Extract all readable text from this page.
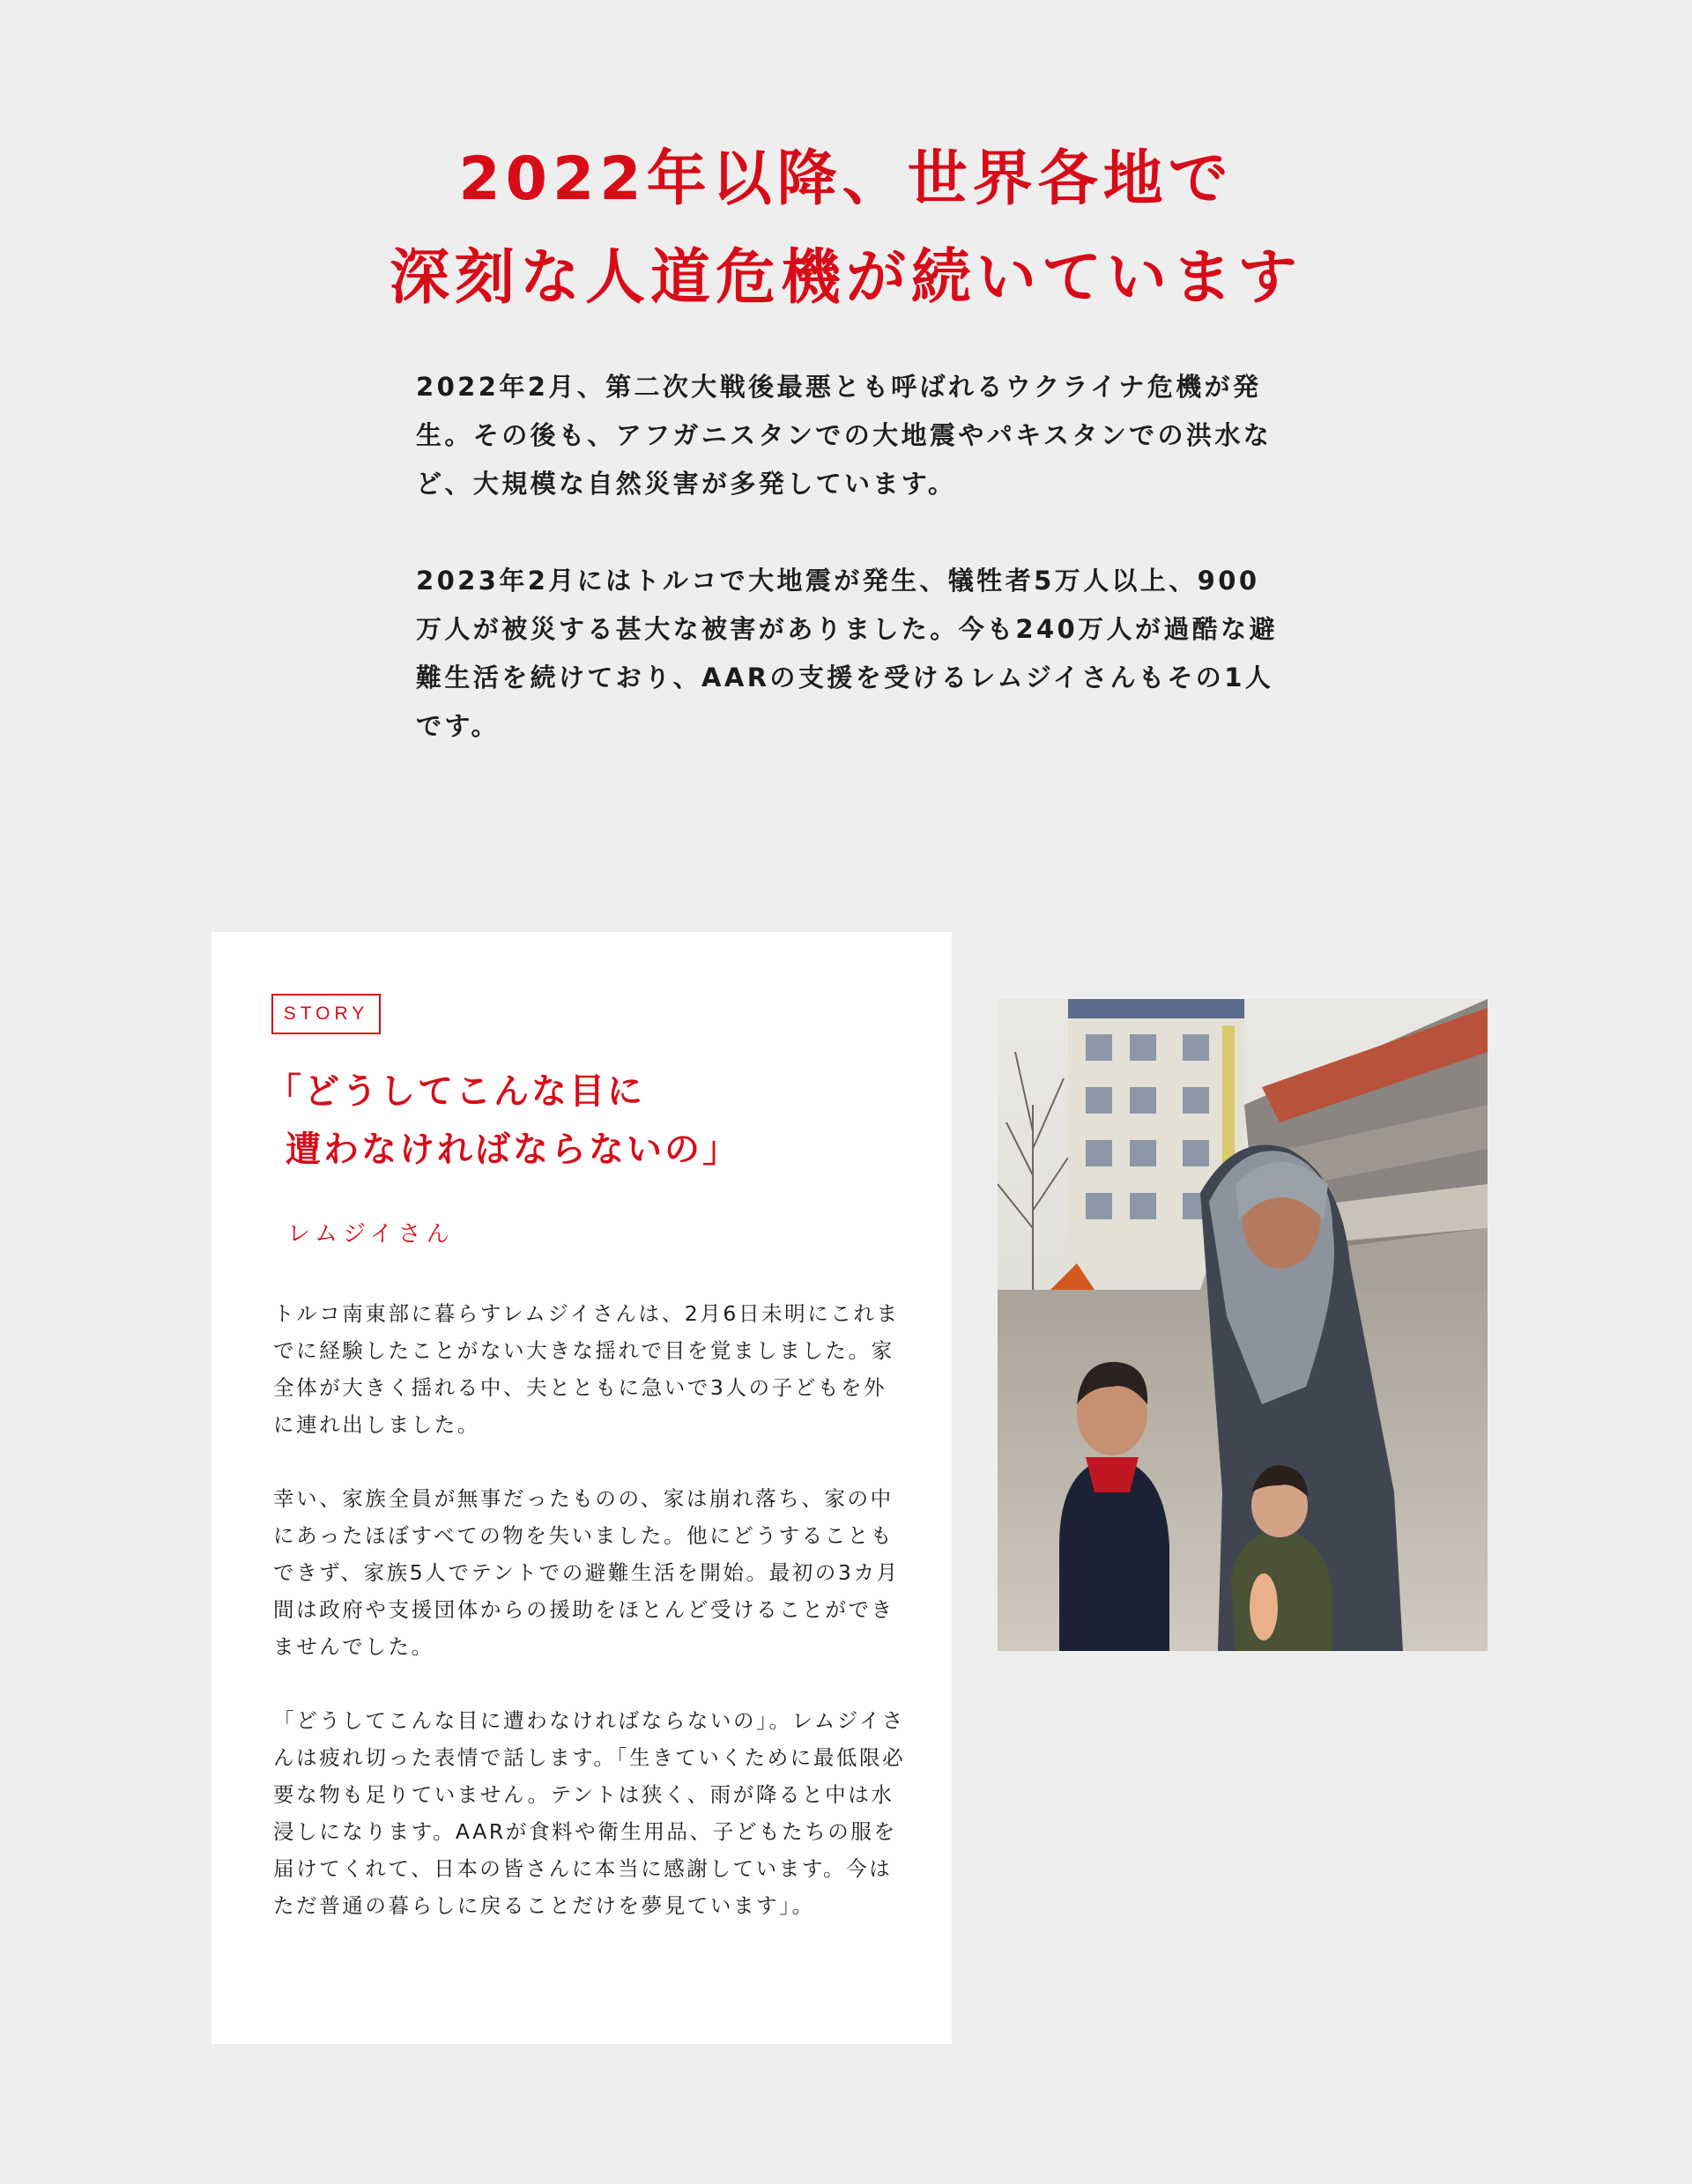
2022年以降、世界各地で
深刻な人道危機が続いています

2022年2月、第二次大戦後最悪とも呼ばれるウクライナ危機が発生。その後も、アフガニスタンでの大地震やパキスタンでの洪水など、大規模な自然災害が多発しています。

2023年2月にはトルコで大地震が発生、犠牲者5万人以上、900万人が被災する甚大な被害がありました。今も240万人が過酷な避難生活を続けており、AARの支援を受けるレムジイさんもその1人です。

STORY
「どうしてこんな目に
遭わなければならないの」
レムジイさん

トルコ南東部に暮らすレムジイさんは、2月6日未明にこれまでに経験したことがない大きな揺れで目を覚ましました。家全体が大きく揺れる中、夫とともに急いで3人の子どもを外に連れ出しました。

幸い、家族全員が無事だったものの、家は崩れ落ち、家の中にあったほぼすべての物を失いました。他にどうすることもできず、家族5人でテントでの避難生活を開始。最初の3カ月間は政府や支援団体からの援助をほとんど受けることができませんでした。

「どうしてこんな目に遭わなければならないの」。レムジイさんは疲れ切った表情で話します。「生きていくために最低限必要な物も足りていません。テントは狭く、雨が降ると中は水浸しになります。AARが食料や衛生用品、子どもたちの服を届けてくれて、日本の皆さんに本当に感謝しています。今はただ普通の暮らしに戻ることだけを夢見ています」。
